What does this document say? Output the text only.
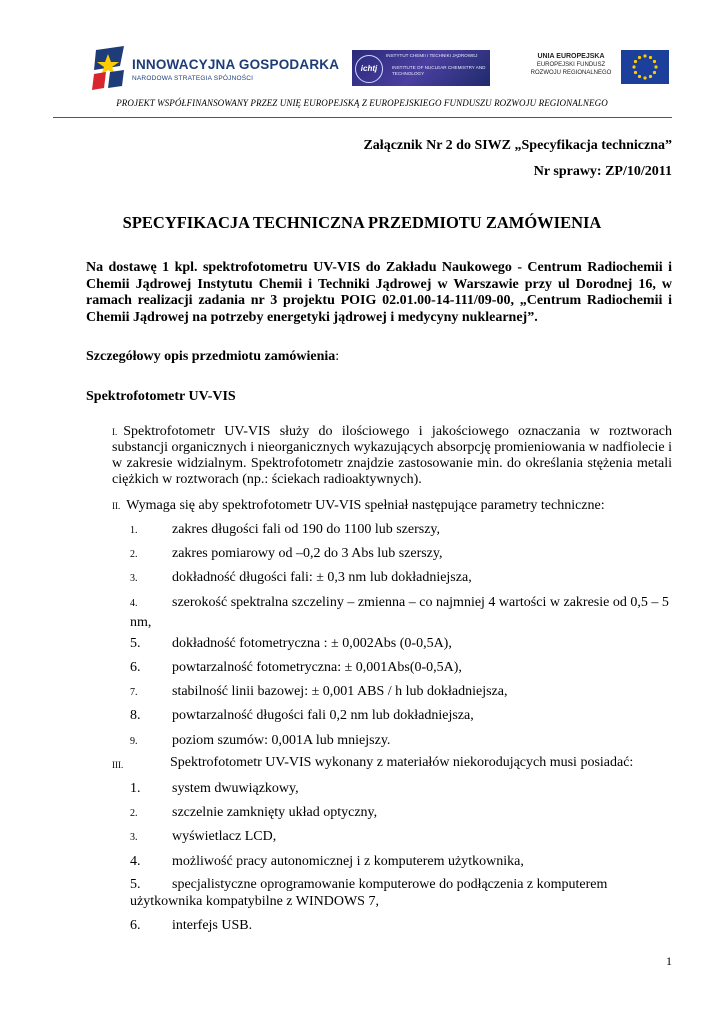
INNOWACYJNA GOSPODARKA
NARODOWA STRATEGIA SPÓJNOŚCI
ichtj
INSTYTUT CHEMII I TECHNIKI JĄDROWEJ
INSTITUTE OF NUCLEAR CHEMISTRY AND TECHNOLOGY
UNIA EUROPEJSKA
EUROPEJSKI FUNDUSZ
ROZWOJU REGIONALNEGO
PROJEKT WSPÓŁFINANSOWANY PRZEZ UNIĘ EUROPEJSKĄ Z EUROPEJSKIEGO FUNDUSZU ROZWOJU REGIONALNEGO
Załącznik Nr 2 do SIWZ „Specyfikacja techniczna”
Nr sprawy: ZP/10/2011
SPECYFIKACJA TECHNICZNA PRZEDMIOTU ZAMÓWIENIA
Na dostawę 1 kpl. spektrofotometru UV-VIS do Zakładu Naukowego - Centrum Radiochemii i Chemii Jądrowej Instytutu Chemii i Techniki Jądrowej w Warszawie przy ul Dorodnej 16, w ramach realizacji zadania nr 3 projektu POIG 02.01.00-14-111/09-00, „Centrum Radiochemii i Chemii Jądrowej na potrzeby energetyki jądrowej i medycyny nuklearnej”.
Szczegółowy opis przedmiotu zamówienia:
Spektrofotometr UV-VIS
I. Spektrofotometr UV-VIS służy do ilościowego i jakościowego oznaczania w roztworach substancji organicznych i nieorganicznych wykazujących absorpcję promieniowania w nadfiolecie i w zakresie widzialnym. Spektrofotometr znajdzie zastosowanie min. do określania stężenia metali ciężkich w roztworach (np.: ściekach radioaktywnych).
II. Wymaga się aby spektrofotometr UV-VIS spełniał następujące parametry techniczne:
1. zakres długości fali od 190 do 1100 lub szerszy,
2. zakres pomiarowy od –0,2 do 3 Abs lub szerszy,
3. dokładność długości fali: ± 0,3 nm lub dokładniejsza,
4. szerokość spektralna szczeliny – zmienna – co najmniej 4 wartości w zakresie od 0,5 – 5 nm,
5. dokładność fotometryczna : ± 0,002Abs (0-0,5A),
6. powtarzalność fotometryczna: ± 0,001Abs(0-0,5A),
7. stabilność linii bazowej: ± 0,001 ABS / h lub dokładniejsza,
8. powtarzalność długości fali 0,2 nm lub dokładniejsza,
9. poziom szumów: 0,001A lub mniejszy.
III.	Spektrofotometr UV-VIS wykonany z materiałów niekorodujących musi posiadać:
1. system dwuwiązkowy,
2. szczelnie zamknięty układ optyczny,
3. wyświetlacz LCD,
4. możliwość pracy autonomicznej i z komputerem użytkownika,
5. specjalistyczne oprogramowanie komputerowe do podłączenia z komputerem użytkownika kompatybilne z WINDOWS 7,
6. interfejs USB.
1
